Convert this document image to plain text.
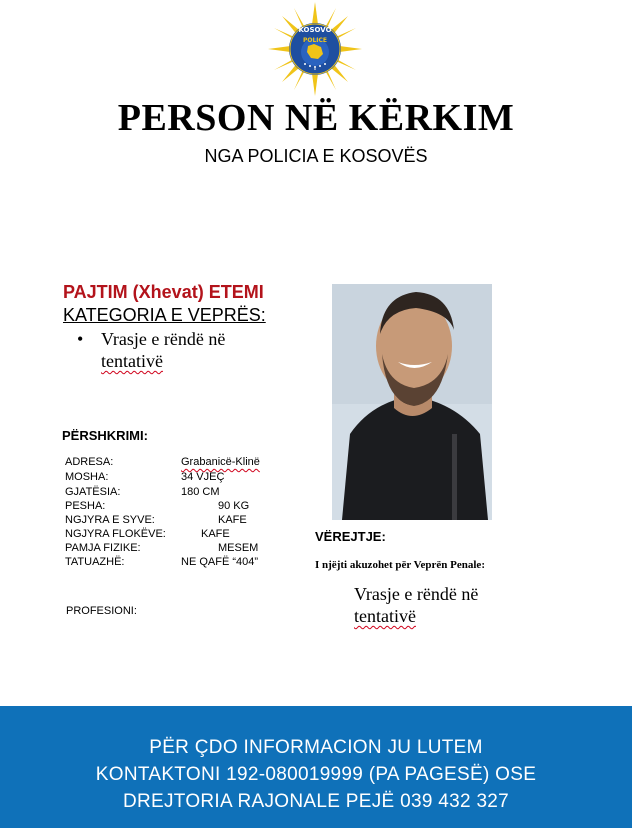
KOSOVO
POLICE
PERSON NË KËRKIM
NGA POLICIA E KOSOVËS
PAJTIM (Xhevat) ETEMI
KATEGORIA E VEPRËS:
• Vrasje e rëndë në
tentativë
PËRSHKRIMI:
ADRESA:	Grabanicë-Klinë
MOSHA:	34 VJEÇ
GJATËSIA:	180 CM
PESHA:	90 KG
NGJYRA E SYVE:	KAFE
NGJYRA FLOKËVE:	KAFE
PAMJA FIZIKE:	MESEM
TATUAZHË:	NE QAFË “404”
PROFESIONI:
VËREJTJE:
I njëjti akuzohet për Veprën Penale:
Vrasje e rëndë në
tentativë
PËR ÇDO INFORMACION JU LUTEM
KONTAKTONI 192-080019999 (PA PAGESË) OSE
DREJTORIA RAJONALE PEJË 039 432 327
